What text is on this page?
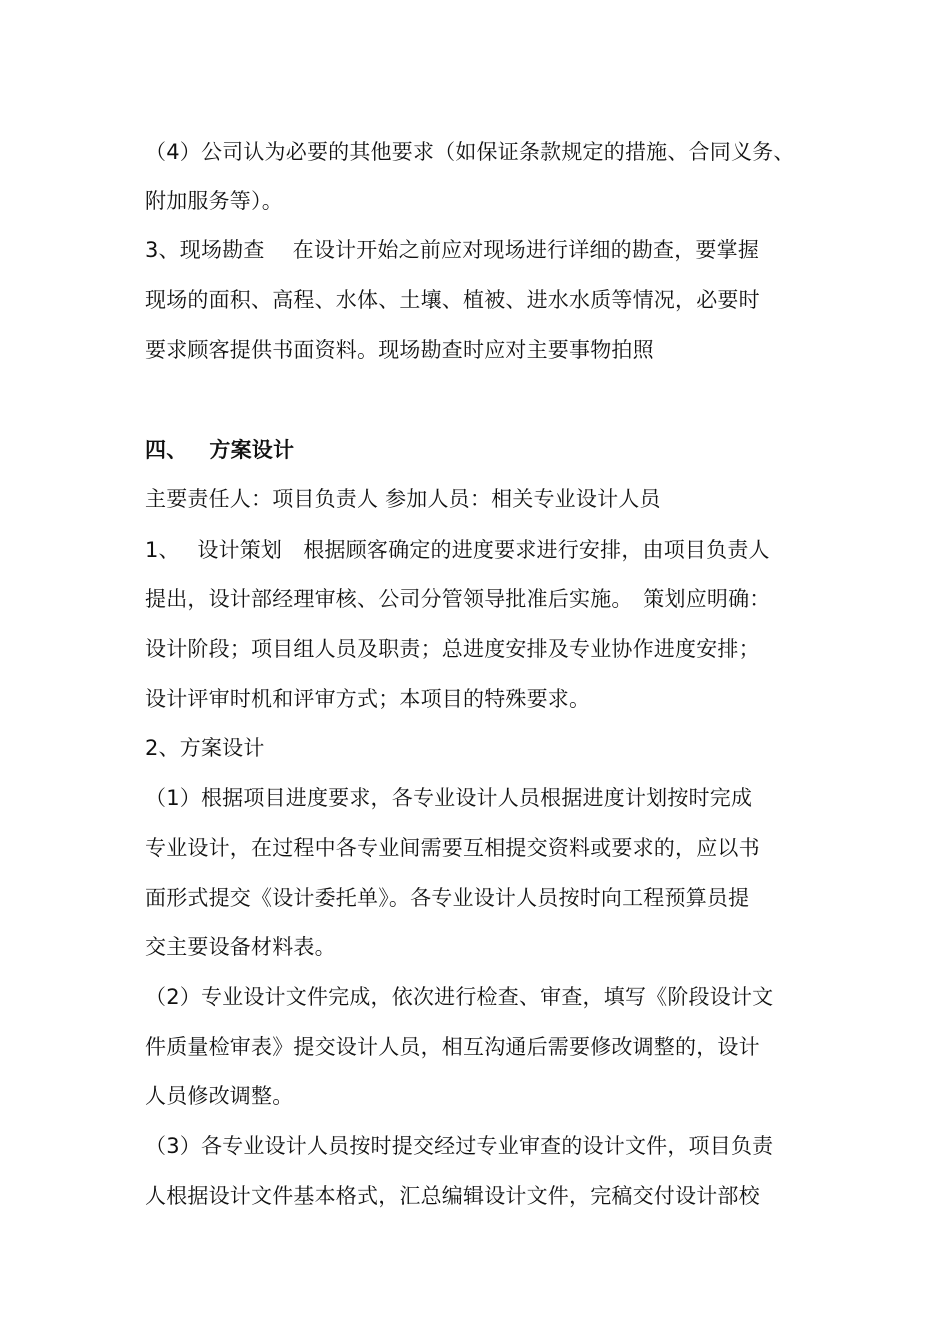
（4）公司认为必要的其他要求（如保证条款规定的措施、合同义务、
附加服务等）。
3、现场勘查　 在设计开始之前应对现场进行详细的勘查，要掌握
现场的面积、高程、水体、土壤、植被、进水水质等情况，必要时
要求顾客提供书面资料。现场勘查时应对主要事物拍照
四、 方案设计
主要责任人：项目负责人 参加人员：相关专业设计人员
1、　 设计策划　根据顾客确定的进度要求进行安排，由项目负责人
提出，设计部经理审核、公司分管领导批准后实施。　策划应明确：
设计阶段；项目组人员及职责；总进度安排及专业协作进度安排；
设计评审时机和评审方式；本项目的特殊要求。
2、方案设计
（1）根据项目进度要求，各专业设计人员根据进度计划按时完成
专业设计，在过程中各专业间需要互相提交资料或要求的，应以书
面形式提交《设计委托单》。各专业设计人员按时向工程预算员提
交主要设备材料表。
（2）专业设计文件完成，依次进行检查、审查，填写《阶段设计文
件质量检审表》提交设计人员，相互沟通后需要修改调整的，设计
人员修改调整。
（3）各专业设计人员按时提交经过专业审查的设计文件，项目负责
人根据设计文件基本格式，汇总编辑设计文件，完稿交付设计部校
